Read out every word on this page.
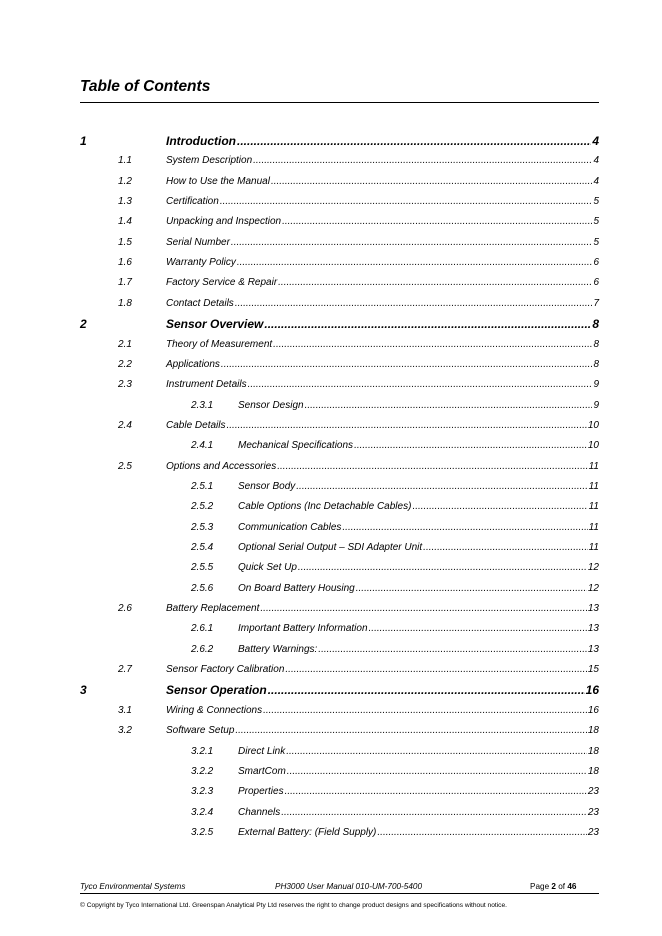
Table of Contents
1	Introduction .....	4
1.1	System Description .....	4
1.2	How to Use the Manual .....	4
1.3	Certification .....	5
1.4	Unpacking and Inspection .....	5
1.5	Serial Number .....	5
1.6	Warranty Policy .....	6
1.7	Factory Service & Repair .....	6
1.8	Contact Details .....	7
2	Sensor Overview .....	8
2.1	Theory of Measurement .....	8
2.2	Applications .....	8
2.3	Instrument Details .....	9
2.3.1 Sensor Design .....	9
2.4	Cable Details .....	10
2.4.1 Mechanical Specifications .....	10
2.5	Options and Accessories .....	11
2.5.1 Sensor Body .....	11
2.5.2 Cable Options (Inc Detachable Cables) .....	11
2.5.3 Communication Cables .....	11
2.5.4 Optional Serial Output – SDI Adapter Unit .....	11
2.5.5 Quick Set Up .....	12
2.5.6 On Board Battery Housing .....	12
2.6	Battery Replacement .....	13
2.6.1 Important Battery Information .....	13
2.6.2 Battery Warnings: .....	13
2.7	Sensor Factory Calibration .....	15
3	Sensor Operation .....	16
3.1	Wiring & Connections .....	16
3.2	Software Setup .....	18
3.2.1 Direct Link .....	18
3.2.2 SmartCom .....	18
3.2.3 Properties .....	23
3.2.4 Channels .....	23
3.2.5 External Battery: (Field Supply) .....	23
Tyco Environmental Systems	PH3000 User Manual 010-UM-700-5400	Page 2 of 46
© Copyright by Tyco International Ltd. Greenspan Analytical Pty Ltd reserves the right to change product designs and specifications without notice.
